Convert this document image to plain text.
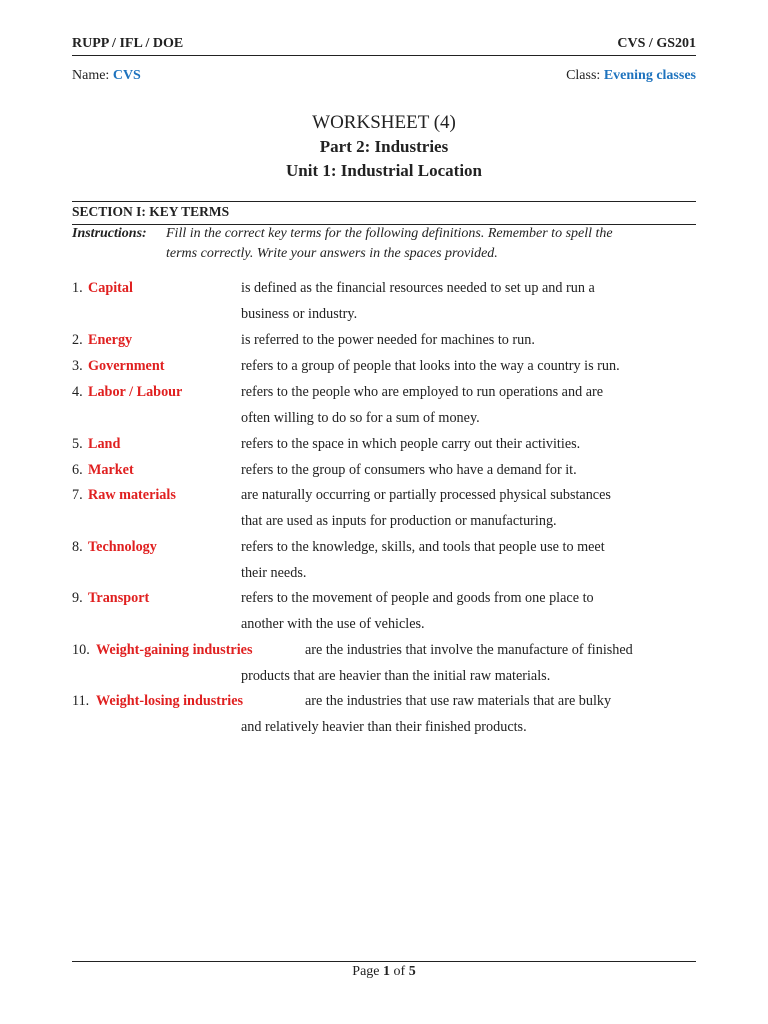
RUPP / IFL / DOE	CVS / GS201
Name: CVS	Class: Evening classes
WORKSHEET (4)
Part 2: Industries
Unit 1: Industrial Location
SECTION I: KEY TERMS
Instructions: Fill in the correct key terms for the following definitions. Remember to spell the
terms correctly. Write your answers in the spaces provided.
1. Capital	is defined as the financial resources needed to set up and run a
business or industry.
2. Energy	is referred to the power needed for machines to run.
3. Government	refers to a group of people that looks into the way a country is run.
4. Labor / Labour	refers to the people who are employed to run operations and are
often willing to do so for a sum of money.
5. Land	refers to the space in which people carry out their activities.
6. Market	refers to the group of consumers who have a demand for it.
7. Raw materials	are naturally occurring or partially processed physical substances
that are used as inputs for production or manufacturing.
8. Technology	refers to the knowledge, skills, and tools that people use to meet
their needs.
9. Transport	refers to the movement of people and goods from one place to
another with the use of vehicles.
10. Weight-gaining industries	are the industries that involve the manufacture of finished
products that are heavier than the initial raw materials.
11. Weight-losing industries	are the industries that use raw materials that are bulky
and relatively heavier than their finished products.
Page 1 of 5
